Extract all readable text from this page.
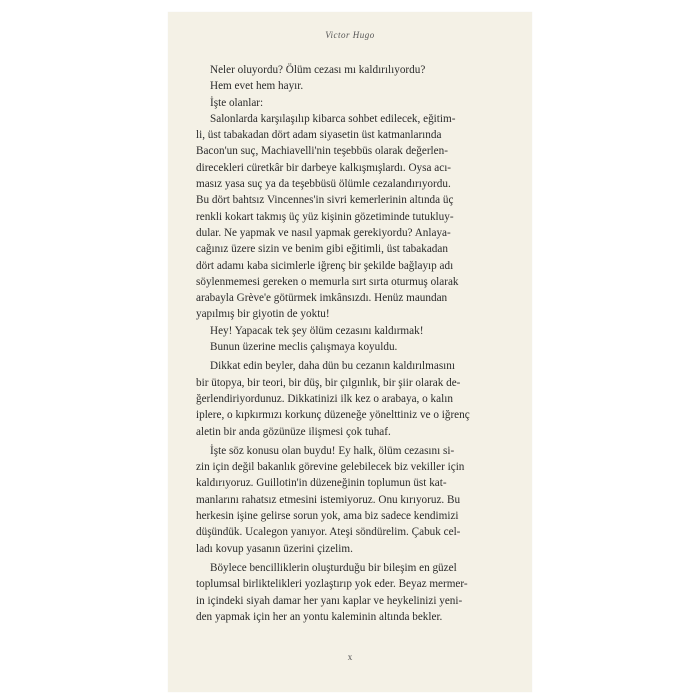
Victor Hugo
Neler oluyordu? Ölüm cezası mı kaldırılıyordu?
Hem evet hem hayır.
İşte olanlar:
Salonlarda karşılaşılıp kibarca sohbet edilecek, eğitim-
li, üst tabakadan dört adam siyasetin üst katmanlarında
Bacon'un suç, Machiavelli'nin teşebbüs olarak değerlen-
direcekleri cüretkâr bir darbeye kalkışmışlardı. Oysa acı-
masız yasa suç ya da teşebbüsü ölümle cezalandırıyordu.
Bu dört bahtsız Vincennes'in sivri kemerlerinin altında üç
renkli kokart takmış üç yüz kişinin gözetiminde tutukluy-
dular. Ne yapmak ve nasıl yapmak gerekiyordu? Anlaya-
cağınız üzere sizin ve benim gibi eğitimli, üst tabakadan
dört adamı kaba sicimlerle iğrenç bir şekilde bağlayıp adı
söylenmemesi gereken o memurla sırt sırta oturmuş olarak
arabayla Grève'e götürmek imkânsızdı. Henüz maundan
yapılmış bir giyotin de yoktu!
Hey! Yapacak tek şey ölüm cezasını kaldırmak!
Bunun üzerine meclis çalışmaya koyuldu.
Dikkat edin beyler, daha dün bu cezanın kaldırılmasını
bir ütopya, bir teori, bir düş, bir çılgınlık, bir şiir olarak de-
ğerlendiriyordunuz. Dikkatinizi ilk kez o arabaya, o kalın
iplere, o kıpkırmızı korkunç düzeneğe yönelttiniz ve o iğrenç
aletin bir anda gözünüze ilişmesi çok tuhaf.
İşte söz konusu olan buydu! Ey halk, ölüm cezasını si-
zin için değil bakanlık görevine gelebilecek biz vekiller için
kaldırıyoruz. Guillotin'in düzeneğinin toplumun üst kat-
manlarını rahatsız etmesini istemiyoruz. Onu kırıyoruz. Bu
herkesin işine gelirse sorun yok, ama biz sadece kendimizi
düşündük. Ucalegon yanıyor. Ateşi söndürelim. Çabuk cel-
ladı kovup yasanın üzerini çizelim.
Böylece bencilliklerin oluşturduğu bir bileşim en güzel
toplumsal birliktelikleri yozlaştırıp yok eder. Beyaz mermer-
in içindeki siyah damar her yanı kaplar ve heykelinizi yeni-
den yapmak için her an yontu kaleminin altında bekler.
x
